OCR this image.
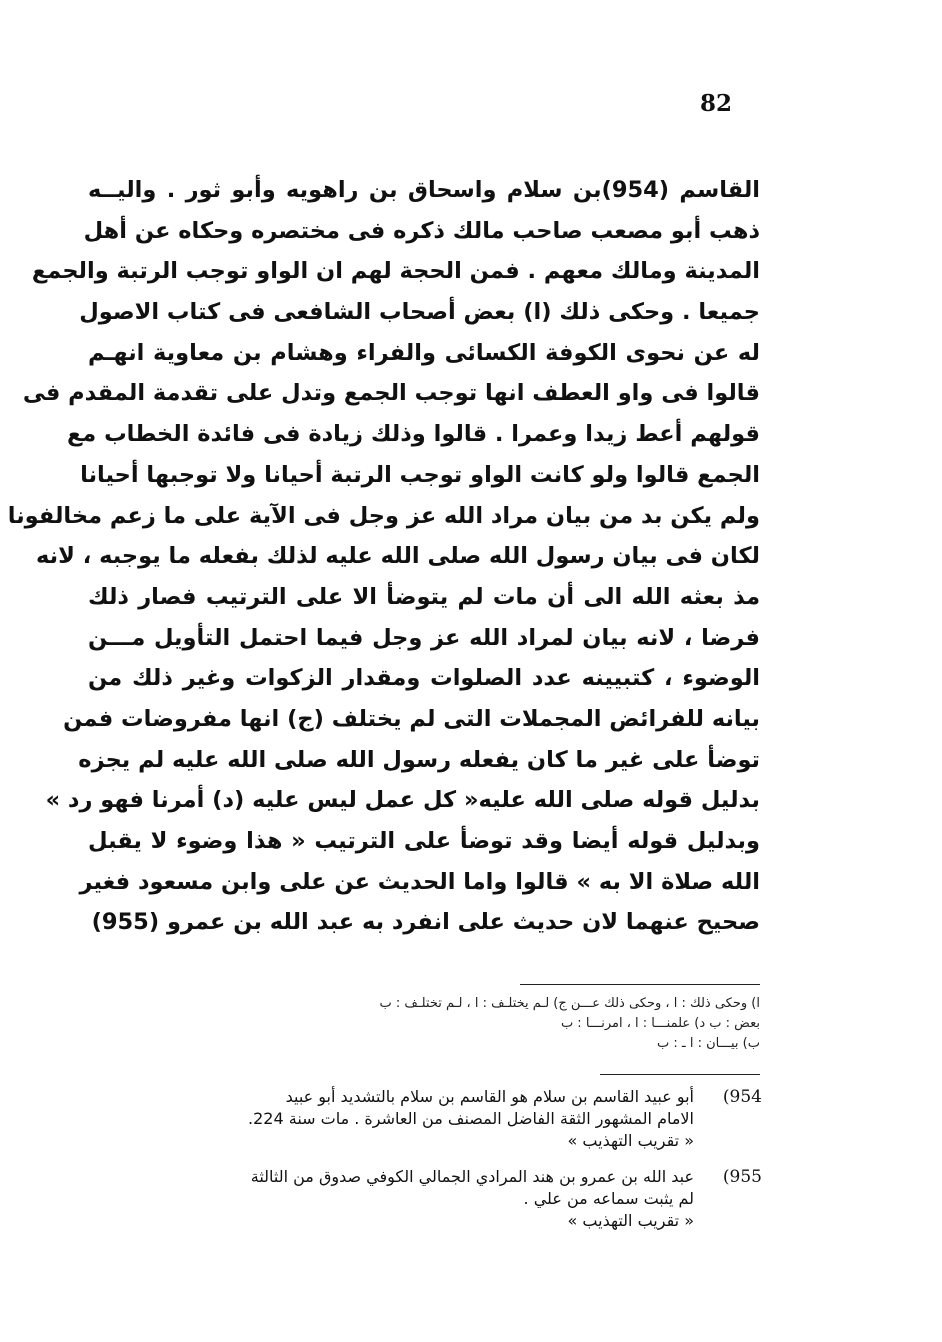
82
القاسم (954)بن سلام واسحاق بن راهويه وأبو ثور . واليــه
ذهب أبو مصعب صاحب مالك ذكره فى مختصره وحكاه عن أهل
المدينة ومالك معهم . فمن الحجة لهم ان الواو توجب الرتبة والجمع
جميعا . وحكى ذلك (ا) بعض أصحاب الشافعى فى كتاب الاصول
له عن نحوى الكوفة الكسائى والفراء وهشام بن معاوية انهـم
قالوا فى واو العطف انها توجب الجمع وتدل على تقدمة المقدم فى
قولهم أعط زيدا وعمرا . قالوا وذلك زيادة فى فائدة الخطاب مع
الجمع قالوا ولو كانت الواو توجب الرتبة أحيانا ولا توجبها أحيانا
ولم يكن بد من بيان مراد الله عز وجل فى الآية على ما زعم مخالفونا
لكان فى بيان رسول الله صلى الله عليه لذلك بفعله ما يوجبه ، لانه
مذ بعثه الله الى أن مات لم يتوضأ الا على الترتيب فصار ذلك
فرضا ، لانه بيان لمراد الله عز وجل فيما احتمل التأويل مـــن
الوضوء ، كتبيينه عدد الصلوات ومقدار الزكوات وغير ذلك من
بيانه للفرائض المجملات التى لم يختلف (ج) انها مفروضات فمن
توضأ على غير ما كان يفعله رسول الله صلى الله عليه لم يجزه
بدليل قوله صلى الله عليه« كل عمل ليس عليه (د) أمرنا فهو رد »
وبدليل قوله أيضا وقد توضأ على الترتيب « هذا وضوء لا يقبل
الله صلاة الا به » قالوا واما الحديث عن على وابن مسعود فغير
صحيح عنهما لان حديث على انفرد به عبد الله بن عمرو (955)
ا) وحكى ذلك : ا ، وحكى ذلك عـــن ج) لـم يختلـف : ا ، لـم تختلـف : ب
بعض : ب د) علمنـــا : ا ، امرنـــا : ب
ب) بيـــان : ا ـ : ب
954)
أبو عبيد القاسم بن سلام هو القاسم بن سلام بالتشديد أبو عبيد
الامام المشهور الثقة الفاضل المصنف من العاشرة . مات سنة 224.
« تقريب التهذيب »
955)
عبد الله بن عمرو بن هند المرادي الجمالي الكوفي صدوق من الثالثة
لم يثبت سماعه من علي .
« تقريب التهذيب »
